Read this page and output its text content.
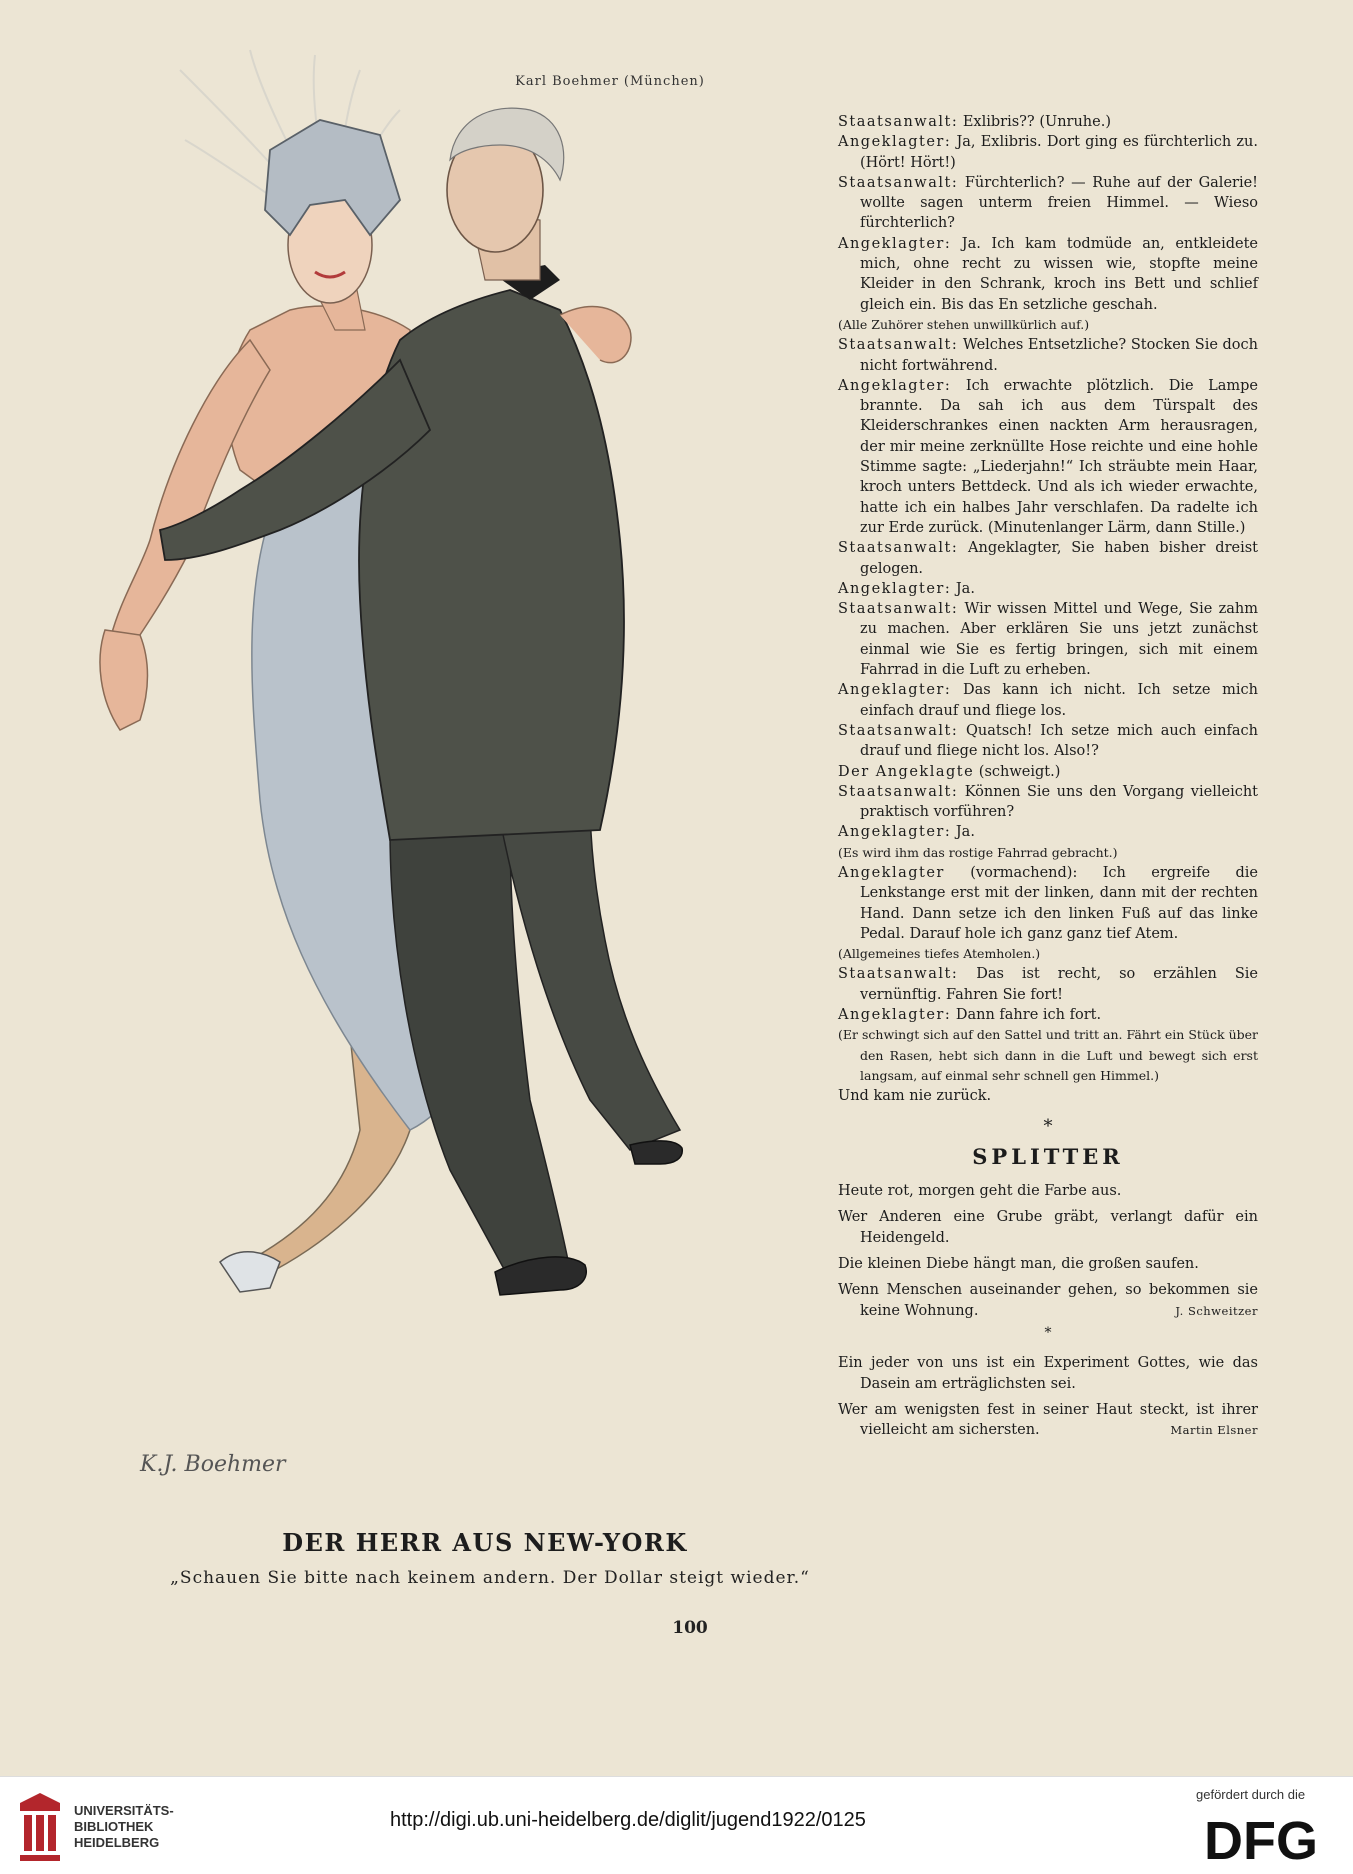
Karl Boehmer (München)
K.J. Boehmer
DER HERR AUS NEW-YORK
„Schauen Sie bitte nach keinem andern. Der Dollar steigt wieder.“
100
Staatsanwalt: Exlibris?? (Unruhe.)
Angeklagter: Ja, Exlibris. Dort ging es fürchterlich zu. (Hört! Hört!)
Staatsanwalt: Fürchterlich? — Ruhe auf der Galerie! wollte sagen unterm freien Himmel. — Wieso fürchterlich?
Angeklagter: Ja. Ich kam todmüde an, entkleidete mich, ohne recht zu wissen wie, stopfte meine Kleider in den Schrank, kroch ins Bett und schlief gleich ein. Bis das En setzliche geschah.
(Alle Zuhörer stehen unwillkürlich auf.)
Staatsanwalt: Welches Entsetzliche? Stocken Sie doch nicht fortwährend.
Angeklagter: Ich erwachte plötzlich. Die Lampe brannte. Da sah ich aus dem Türspalt des Kleiderschrankes einen nackten Arm herausragen, der mir meine zerknüllte Hose reichte und eine hohle Stimme sagte: „Liederjahn!“ Ich sträubte mein Haar, kroch unters Bettdeck. Und als ich wieder erwachte, hatte ich ein halbes Jahr verschlafen. Da radelte ich zur Erde zurück. (Minutenlanger Lärm, dann Stille.)
Staatsanwalt: Angeklagter, Sie haben bisher dreist gelogen.
Angeklagter: Ja.
Staatsanwalt: Wir wissen Mittel und Wege, Sie zahm zu machen. Aber erklären Sie uns jetzt zunächst einmal wie Sie es fertig bringen, sich mit einem Fahrrad in die Luft zu erheben.
Angeklagter: Das kann ich nicht. Ich setze mich einfach drauf und fliege los.
Staatsanwalt: Quatsch! Ich setze mich auch einfach drauf und fliege nicht los. Also!?
Der Angeklagte (schweigt.)
Staatsanwalt: Können Sie uns den Vorgang vielleicht praktisch vorführen?
Angeklagter: Ja.
(Es wird ihm das rostige Fahrrad gebracht.)
Angeklagter (vormachend): Ich ergreife die Lenkstange erst mit der linken, dann mit der rechten Hand. Dann setze ich den linken Fuß auf das linke Pedal. Darauf hole ich ganz ganz tief Atem.
(Allgemeines tiefes Atemholen.)
Staatsanwalt: Das ist recht, so erzählen Sie vernünftig. Fahren Sie fort!
Angeklagter: Dann fahre ich fort.
(Er schwingt sich auf den Sattel und tritt an. Fährt ein Stück über den Rasen, hebt sich dann in die Luft und bewegt sich erst langsam, auf einmal sehr schnell gen Himmel.)
Und kam nie zurück.
*
SPLITTER
Heute rot, morgen geht die Farbe aus.
Wer Anderen eine Grube gräbt, verlangt dafür ein Heidengeld.
Die kleinen Diebe hängt man, die großen saufen.
Wenn Menschen auseinander gehen, so bekommen sie keine Wohnung.	J. Schweitzer
*
Ein jeder von uns ist ein Experiment Gottes, wie das Dasein am erträglichsten sei.
Wer am wenigsten fest in seiner Haut steckt, ist ihrer vielleicht am sichersten.	Martin Elsner
UNIVERSITÄTS-
BIBLIOTHEK
HEIDELBERG
http://digi.ub.uni-heidelberg.de/diglit/jugend1922/0125
gefördert durch die
DFG
